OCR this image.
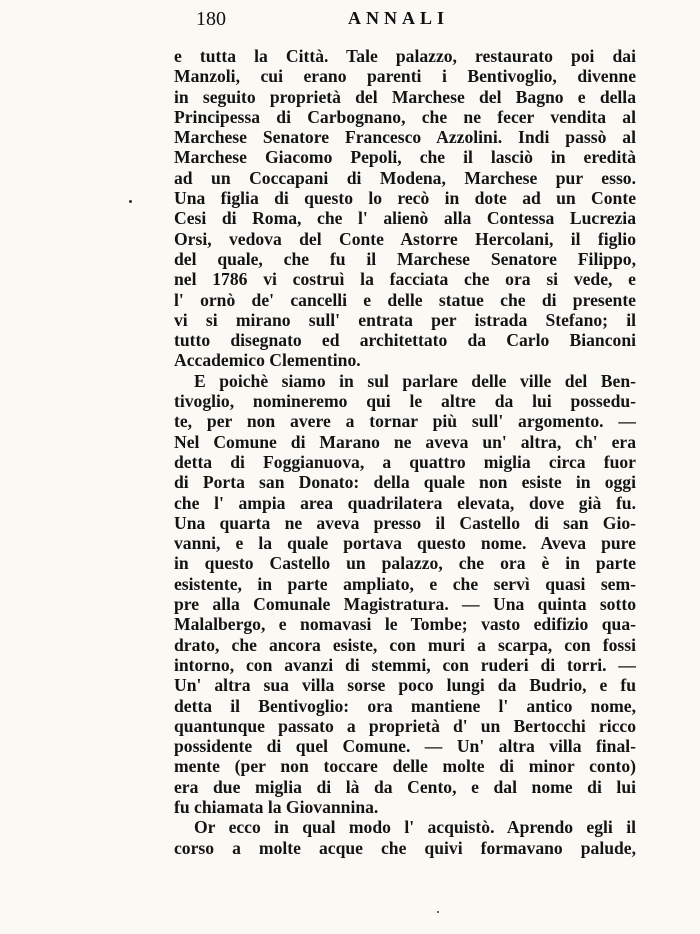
180	ANNALI
e tutta la Città. Tale palazzo, restaurato poi dai
Manzoli, cui erano parenti i Bentivoglio, divenne
in seguito proprietà del Marchese del Bagno e della
Principessa di Carbognano, che ne fecer vendita al
Marchese Senatore Francesco Azzolini. Indi passò al
Marchese Giacomo Pepoli, che il lasciò in eredità
ad un Coccapani di Modena, Marchese pur esso.
Una figlia di questo lo recò in dote ad un Conte
Cesi di Roma, che l' alienò alla Contessa Lucrezia
Orsi, vedova del Conte Astorre Hercolani, il figlio
del quale, che fu il Marchese Senatore Filippo,
nel 1786 vi costruì la facciata che ora si vede, e
l' ornò de' cancelli e delle statue che di presente
vi si mirano sull' entrata per istrada Stefano; il
tutto disegnato ed architettato da Carlo Bianconi
Accademico Clementino.
E poichè siamo in sul parlare delle ville del Ben-
tivoglio, nomineremo qui le altre da lui possedu-
te, per non avere a tornar più sull' argomento. —
Nel Comune di Marano ne aveva un' altra, ch' era
detta di Foggianuova, a quattro miglia circa fuor
di Porta san Donato: della quale non esiste in oggi
che l' ampia area quadrilatera elevata, dove già fu.
Una quarta ne aveva presso il Castello di san Gio-
vanni, e la quale portava questo nome. Aveva pure
in questo Castello un palazzo, che ora è in parte
esistente, in parte ampliato, e che servì quasi sem-
pre alla Comunale Magistratura. — Una quinta sotto
Malalbergo, e nomavasi le Tombe; vasto edifizio qua-
drato, che ancora esiste, con muri a scarpa, con fossi
intorno, con avanzi di stemmi, con ruderi di torri. —
Un' altra sua villa sorse poco lungi da Budrio, e fu
detta il Bentivoglio: ora mantiene l' antico nome,
quantunque passato a proprietà d' un Bertocchi ricco
possidente di quel Comune. — Un' altra villa final-
mente (per non toccare delle molte di minor conto)
era due miglia di là da Cento, e dal nome di lui
fu chiamata la Giovannina.
Or ecco in qual modo l' acquistò. Aprendo egli il
corso a molte acque che quivi formavano palude,
